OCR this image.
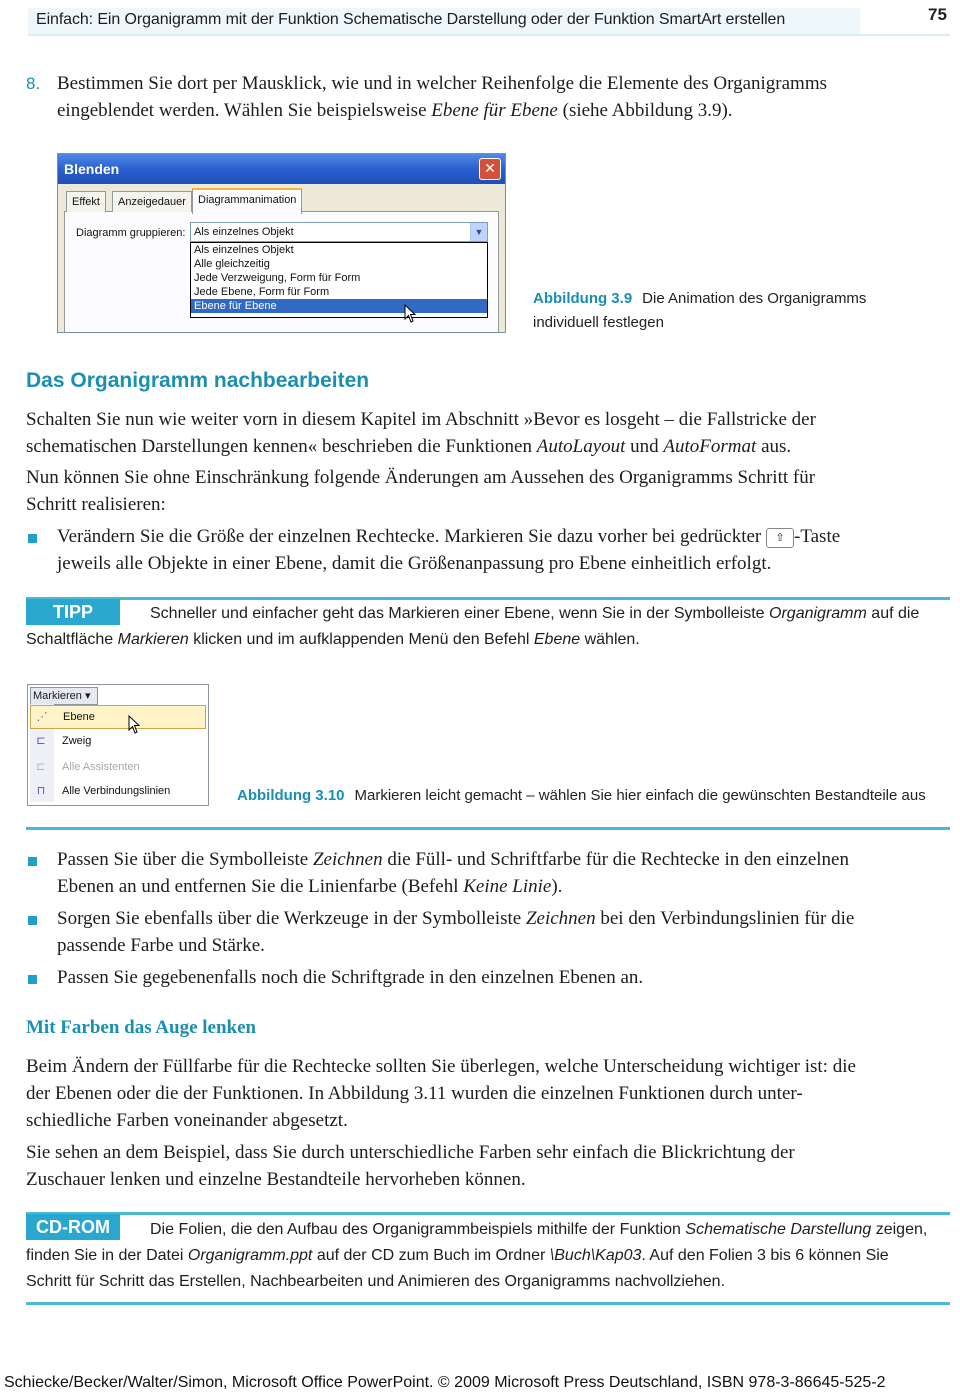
Einfach: Ein Organigramm mit der Funktion Schematische Darstellung oder der Funktion SmartArt erstellen	75
8. Bestimmen Sie dort per Mausklick, wie und in welcher Reihenfolge die Elemente des Organigramms
eingeblendet werden. Wählen Sie beispielsweise Ebene für Ebene (siehe Abbildung 3.9).
Blenden	✕
Effekt	Anzeigedauer	Diagrammanimation
Diagramm gruppieren: Als einzelnes Objekt	▼
Als einzelnes Objekt
Alle gleichzeitig
Jede Verzweigung, Form für Form
Jede Ebene, Form für Form
Ebene für Ebene	Abbildung 3.9 Die Animation des Organigramms
individuell festlegen
Das Organigramm nachbearbeiten
Schalten Sie nun wie weiter vorn in diesem Kapitel im Abschnitt »Bevor es losgeht – die Fallstricke der
schematischen Darstellungen kennen« beschrieben die Funktionen AutoLayout und AutoFormat aus.
Nun können Sie ohne Einschränkung folgende Änderungen am Aussehen des Organigramms Schritt für
Schritt realisieren:
Verändern Sie die Größe der einzelnen Rechtecke. Markieren Sie dazu vorher bei gedrückter ⇧ -Taste
jeweils alle Objekte in einer Ebene, damit die Größenanpassung pro Ebene einheitlich erfolgt.
TIPP	Schneller und einfacher geht das Markieren einer Ebene, wenn Sie in der Symbolleiste Organigramm auf die
Schaltfläche Markieren klicken und im aufklappenden Menü den Befehl Ebene wählen.
Markieren ▾
⋰	Ebene
⊏	Zweig
⊏	Alle Assistenten
⊓	Alle Verbindungslinien	Abbildung 3.10 Markieren leicht gemacht – wählen Sie hier einfach die gewünschten Bestandteile aus
Passen Sie über die Symbolleiste Zeichnen die Füll- und Schriftfarbe für die Rechtecke in den einzelnen
Ebenen an und entfernen Sie die Linienfarbe (Befehl Keine Linie).
Sorgen Sie ebenfalls über die Werkzeuge in der Symbolleiste Zeichnen bei den Verbindungslinien für die
passende Farbe und Stärke.
Passen Sie gegebenenfalls noch die Schriftgrade in den einzelnen Ebenen an.
Mit Farben das Auge lenken
Beim Ändern der Füllfarbe für die Rechtecke sollten Sie überlegen, welche Unterscheidung wichtiger ist: die
der Ebenen oder die der Funktionen. In Abbildung 3.11 wurden die einzelnen Funktionen durch unter-
schiedliche Farben voneinander abgesetzt.
Sie sehen an dem Beispiel, dass Sie durch unterschiedliche Farben sehr einfach die Blickrichtung der
Zuschauer lenken und einzelne Bestandteile hervorheben können.
CD-ROM	Die Folien, die den Aufbau des Organigrammbeispiels mithilfe der Funktion Schematische Darstellung zeigen,
finden Sie in der Datei Organigramm.ppt auf der CD zum Buch im Ordner \Buch\Kap03. Auf den Folien 3 bis 6 können Sie
Schritt für Schritt das Erstellen, Nachbearbeiten und Animieren des Organigramms nachvollziehen.
Schiecke/Becker/Walter/Simon, Microsoft Office PowerPoint. © 2009 Microsoft Press Deutschland, ISBN 978-3-86645-525-2
